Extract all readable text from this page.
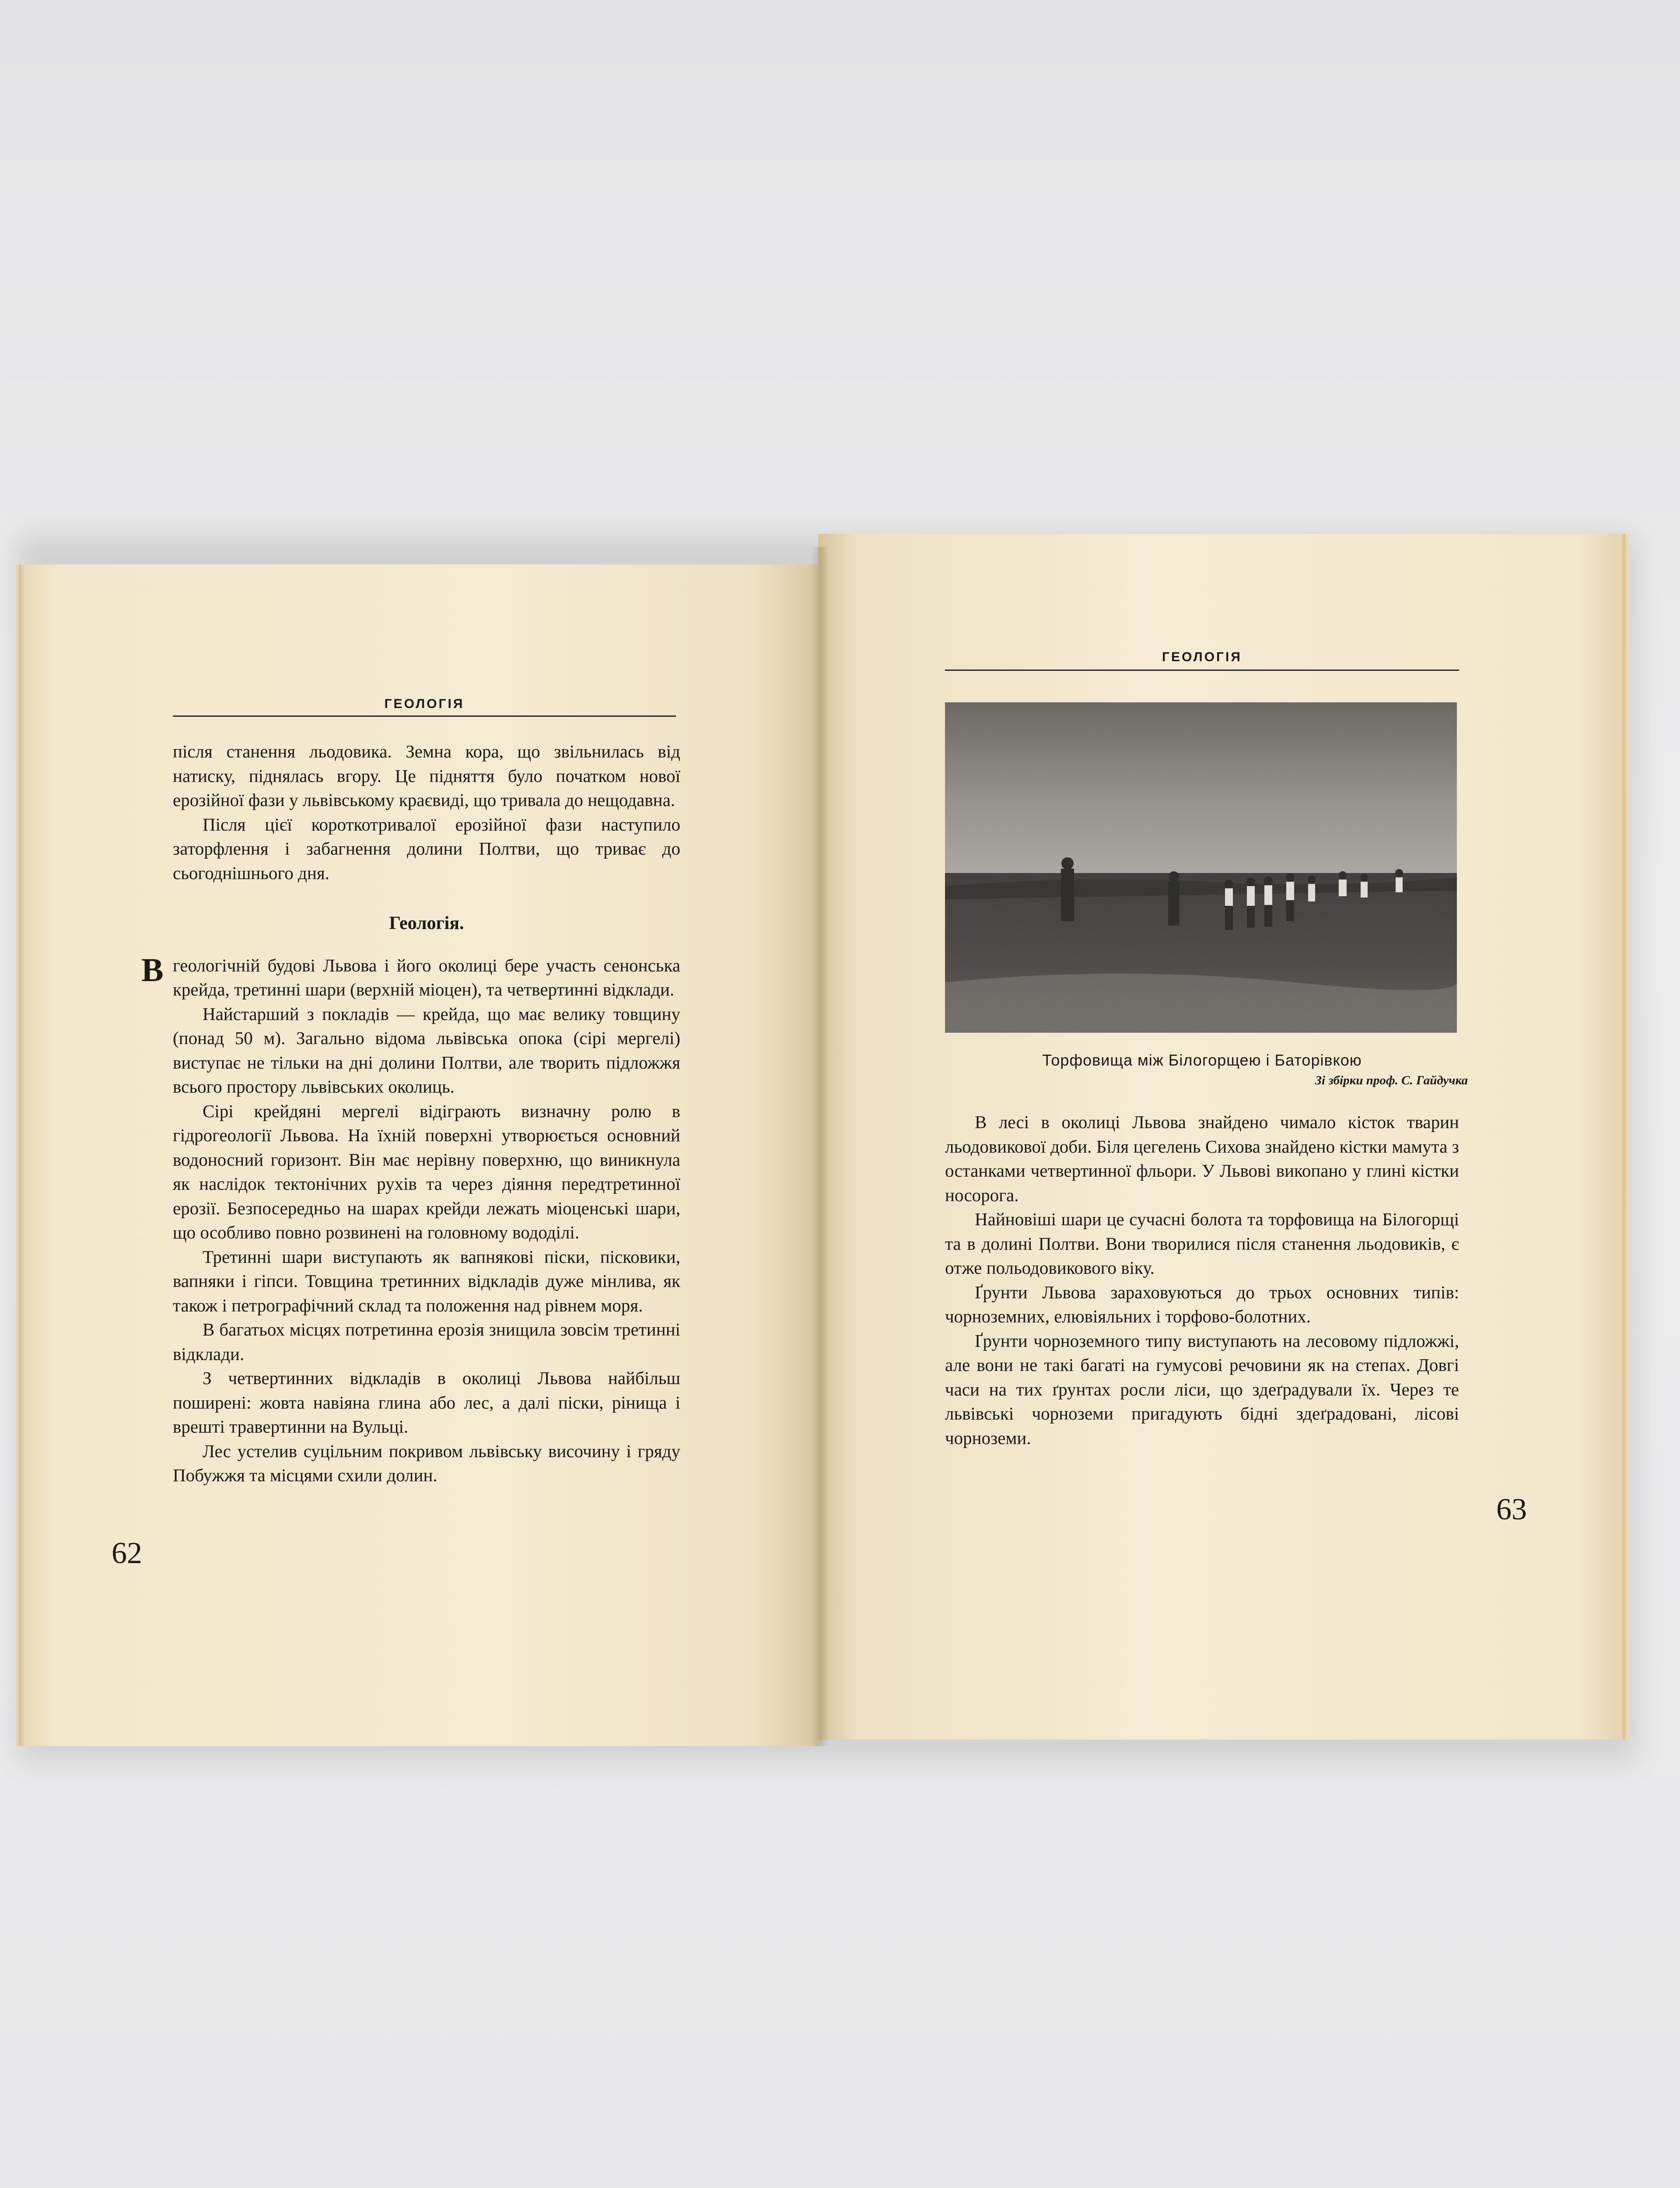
ГЕОЛОГІЯ

після станення льодовика. Земна кора, що звільнилась від натиску, піднялась вгору. Це підняття було початком нової ерозійної фази у львівському краєвиді, що тривала до нещодавна.

Після цієї короткотривалої ерозійної фази наступило заторфлення і забагнення долини Полтви, що триває до сьогоднішнього дня.

Геологія.

Вгеологічній будові Львова і його околиці бере участь сенонська крейда, третинні шари (верхній міоцен), та четвертинні відклади.

Найстарший з покладів — крейда, що має велику товщину (понад 50 м). Загально відома львівська опока (сірі мергелі) виступає не тільки на дні долини Полтви, але творить підложжя всього простору львівських околиць.

Сірі крейдяні мергелі відіграють визначну ролю в гідрогеології Львова. На їхній поверхні утворюється основний водоносний горизонт. Він має нерівну поверхню, що виникнула як наслідок тектонічних рухів та через діяння передтретинної ерозії. Безпосередньо на шарах крейди лежать міоценські шари, що особливо повно розвинені на головному вододілі.

Третинні шари виступають як вапнякові піски, пісковики, вапняки і гіпси. Товщина третинних відкладів дуже мінлива, як також і петрографічний склад та положення над рівнем моря.

В багатьох місцях потретинна ерозія знищила зовсім третинні відклади.

З четвертинних відкладів в околиці Львова найбільш поширені: жовта навіяна глина або лес, а далі піски, рінища і врешті травертинни на Вульці.

Лес устелив суцільним покривом львівську височину і гряду Побужжя та місцями схили долин.

62
ГЕОЛОГІЯ
Торфовища між Білогорщею і Баторівкою
Зі збірки проф. С. Гайдучка

В лесі в околиці Львова знайдено чимало кісток тварин льодовикової доби. Біля цегелень Сихова знайдено кістки мамута з останками четвертинної фльори. У Львові викопано у глині кістки носорога.

Найновіші шари це сучасні болота та торфовища на Білогорщі та в долині Полтви. Вони творилися після станення льодовиків, є отже польодовикового віку.

Ґрунти Львова зараховуються до трьох основних типів: чорноземних, елювіяльних і торфово-болотних.

Ґрунти чорноземного типу виступають на лесовому підложжі, але вони не такі багаті на гумусові речовини як на степах. Довгі часи на тих ґрунтах росли ліси, що здеґрадували їх. Через те львівські чорноземи пригадують бідні здеґрадовані, лісові чорноземи.

63
